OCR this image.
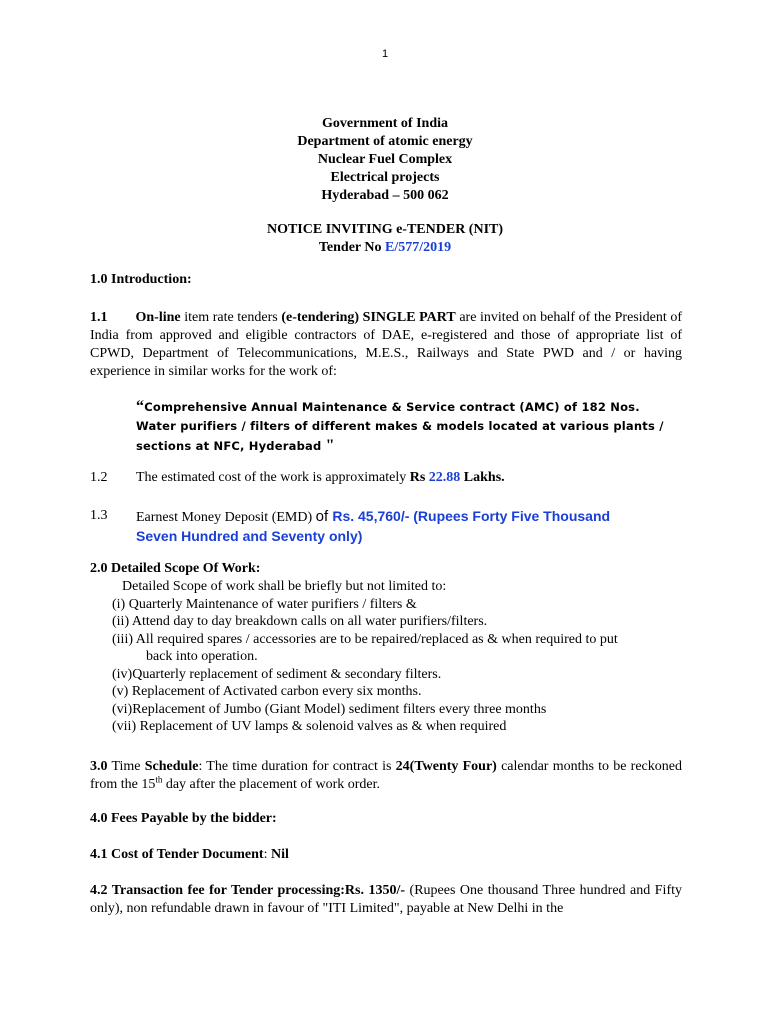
1
Government of India
Department of atomic energy
Nuclear Fuel Complex
Electrical projects
Hyderabad – 500 062
NOTICE INVITING e-TENDER (NIT)
Tender No E/577/2019
1.0 Introduction:
1.1 On-line item rate tenders (e-tendering) SINGLE PART are invited on behalf of the President of India from approved and eligible contractors of DAE, e-registered and those of appropriate list of CPWD, Department of Telecommunications, M.E.S., Railways and State PWD and / or having experience in similar works for the work of:
“Comprehensive Annual Maintenance & Service contract (AMC) of 182 Nos. Water purifiers / filters of different makes & models located at various plants / sections at NFC, Hyderabad "
1.2 The estimated cost of the work is approximately Rs 22.88 Lakhs.
1.3 Earnest Money Deposit (EMD) of Rs. 45,760/- (Rupees Forty Five Thousand
Seven Hundred and Seventy only)
2.0 Detailed Scope Of Work:
Detailed Scope of work shall be briefly but not limited to:
(i) Quarterly Maintenance of water purifiers / filters &
(ii) Attend day to day breakdown calls on all water purifiers/filters.
(iii) All required spares / accessories are to be repaired/replaced as & when required to put
back into operation.
(iv)Quarterly replacement of sediment & secondary filters.
(v) Replacement of Activated carbon every six months.
(vi)Replacement of Jumbo (Giant Model) sediment filters every three months
(vii) Replacement of UV lamps & solenoid valves as & when required
3.0 Time Schedule: The time duration for contract is 24(Twenty Four) calendar months to be reckoned from the 15th day after the placement of work order.
4.0 Fees Payable by the bidder:
4.1 Cost of Tender Document: Nil
4.2 Transaction fee for Tender processing:Rs. 1350/- (Rupees One thousand Three hundred and Fifty only), non refundable drawn in favour of "ITI Limited", payable at New Delhi in the
